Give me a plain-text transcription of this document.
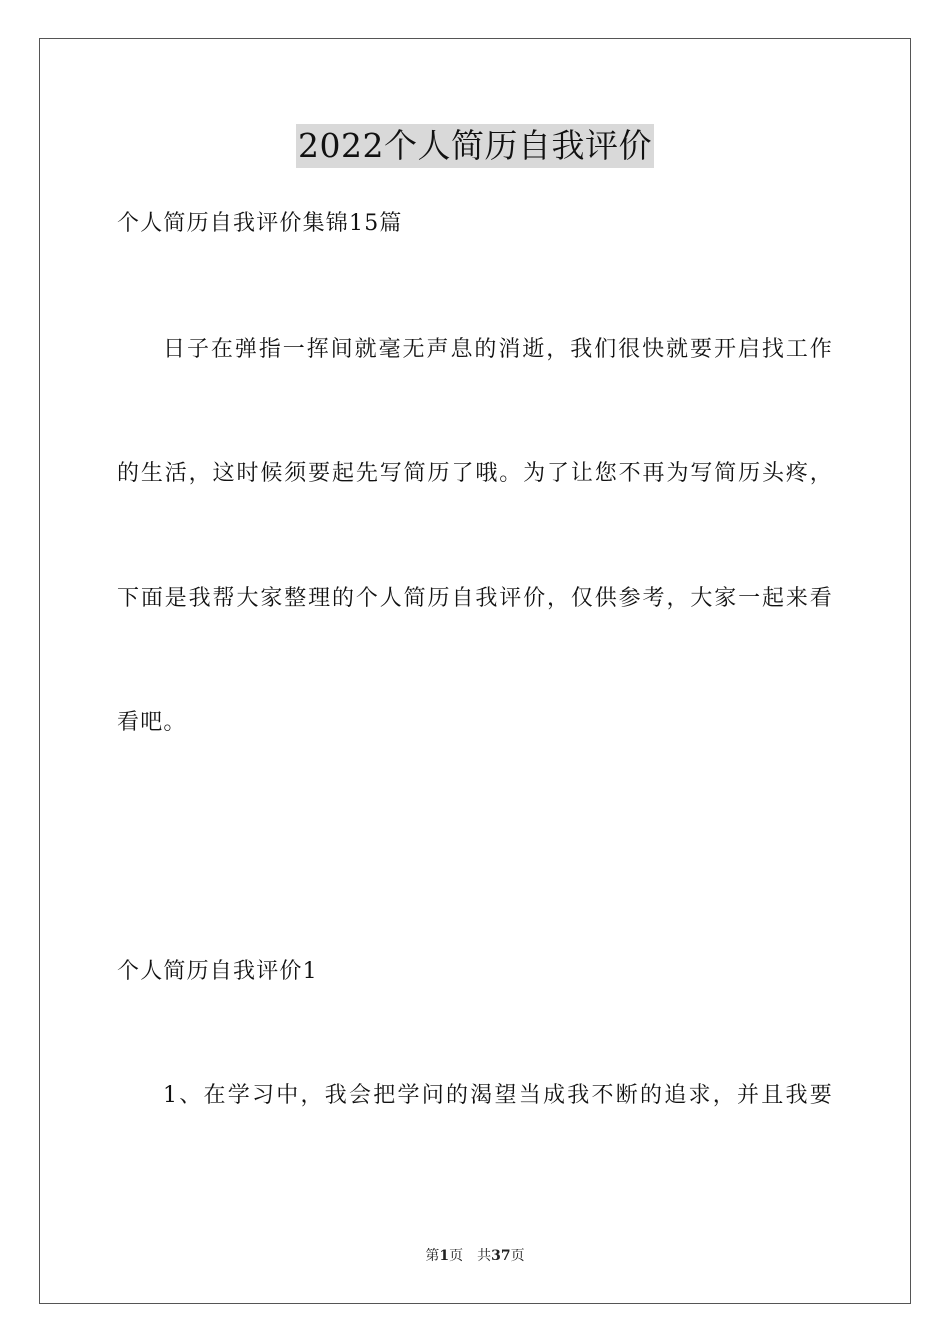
2022个人简历自我评价
个人简历自我评价集锦15篇
日子在弹指一挥间就毫无声息的消逝，我们很快就要开启找工作
的生活，这时候须要起先写简历了哦。为了让您不再为写简历头疼，
下面是我帮大家整理的个人简历自我评价，仅供参考，大家一起来看
看吧。
个人简历自我评价1
1、在学习中，我会把学问的渴望当成我不断的追求，并且我要
第1页 共37页
